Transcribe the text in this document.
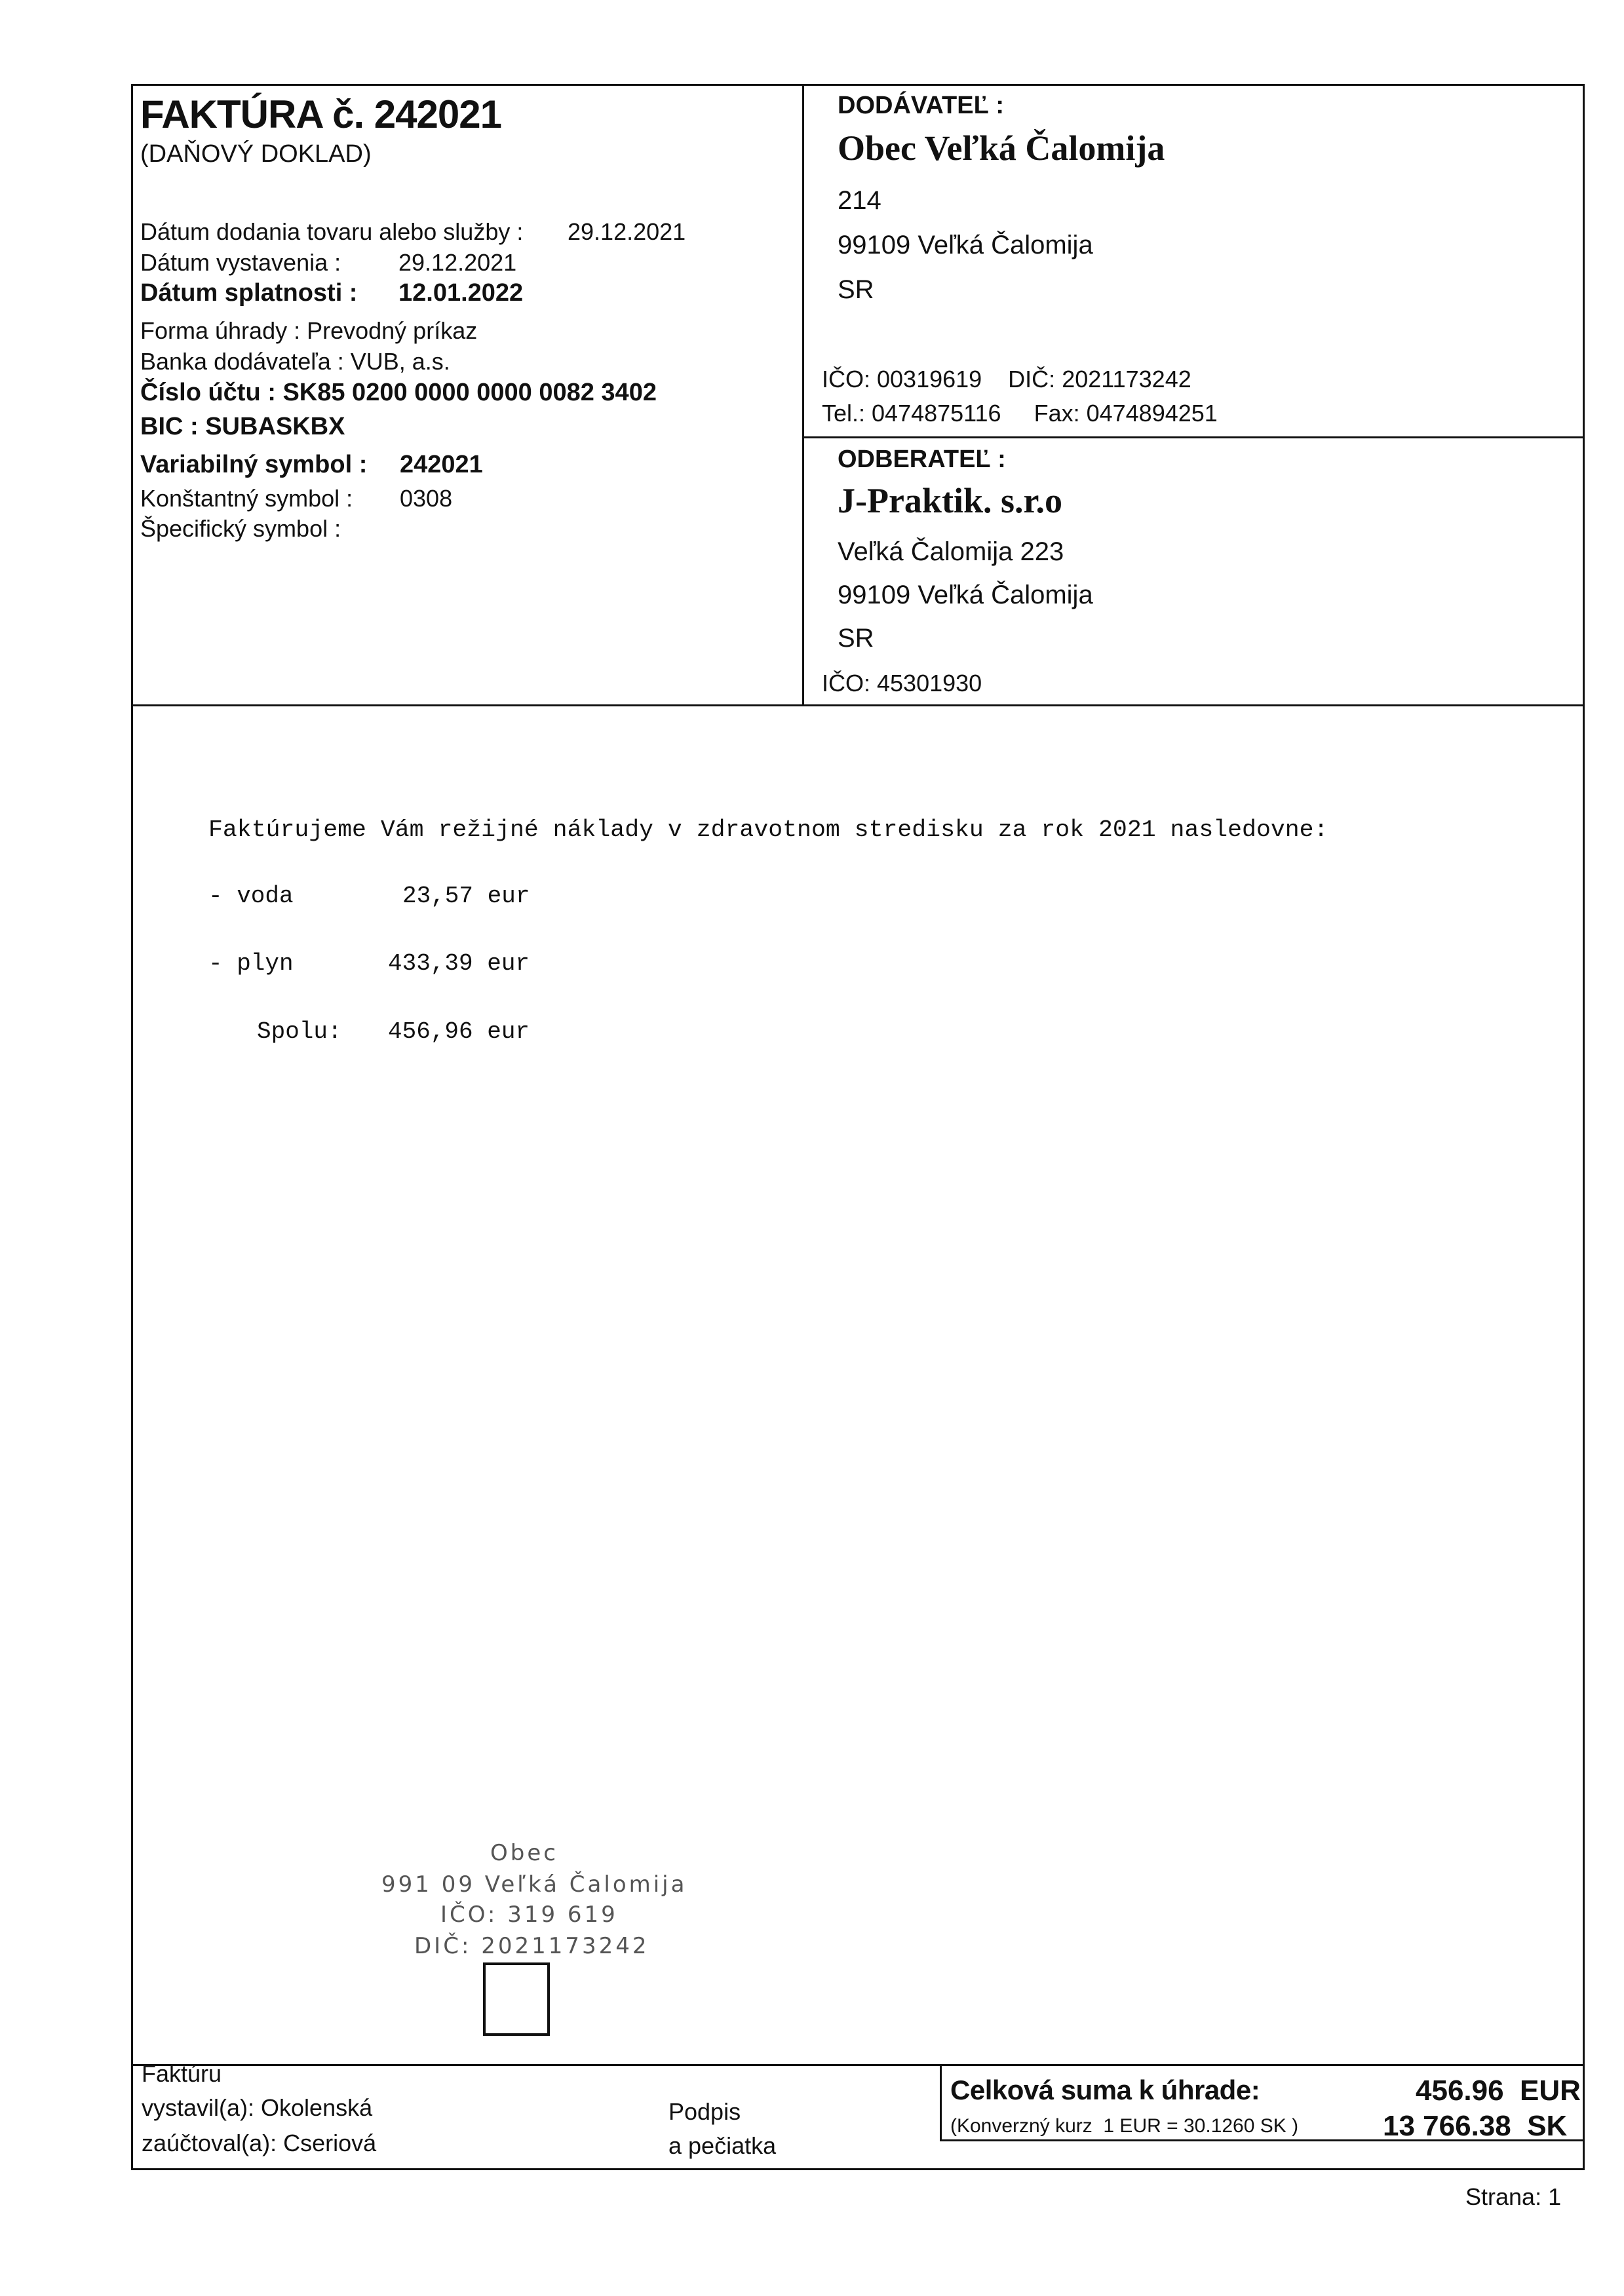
FAKTÚRA č. 242021
(DAŇOVÝ DOKLAD)
Dátum dodania tovaru alebo služby : 29.12.2021
Dátum vystavenia : 29.12.2021
Dátum splatnosti : 12.01.2022
Forma úhrady : Prevodný príkaz
Banka dodávateľa : VUB, a.s.
Číslo účtu : SK85 0200 0000 0000 0082 3402
BIC : SUBASKBX
Variabilný symbol : 242021
Konštantný symbol : 0308
Špecifický symbol :
DODÁVATEĽ :
Obec Veľká Čalomija
214
99109 Veľká Čalomija
SR
IČO: 00319619    DIČ: 2021173242
Tel.: 0474875116     Fax: 0474894251
ODBERATEĽ :
J-Praktik. s.r.o
Veľká Čalomija 223
99109 Veľká Čalomija
SR
IČO: 45301930
Faktúrujeme Vám režijné náklady v zdravotnom stredisku za rok 2021 nasledovne:
- voda	23,57 eur
- plyn	433,39 eur
Spolu: 456,96 eur
Obec
991 09 Veľká Čalomija
IČO: 319 619
DIČ: 2021173242
Faktúru
vystavil(a): Okolenská
zaúčtoval(a): Cseriová
Podpis
a pečiatka
Celková suma k úhrade:
(Konverzný kurz  1 EUR = 30.1260 SK )
456.96  EUR
13 766.38  SK
Strana: 1
